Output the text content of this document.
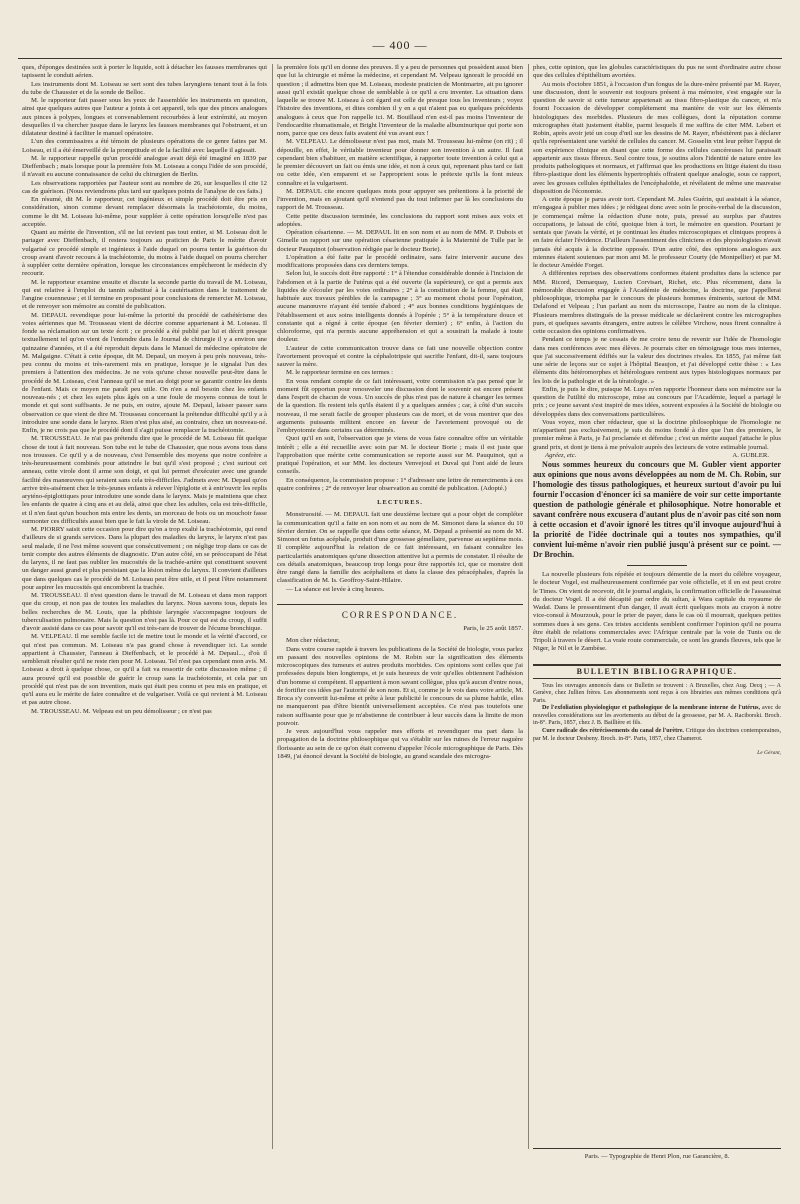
— 400 —

ques, d'éponges destinées soit à porter le liquide, soit à détacher les fausses membranes qui tapissent le conduit aérien.

Les instruments dont M. Loiseau se sert sont des tubes laryngiens tenant tout à la fois du tube de Chaussier et de la sonde de Belloc.

M. le rapporteur fait passer sous les yeux de l'assemblée les instruments en question, ainsi que quelques autres que l'auteur a joints à cet appareil, tels que des pinces analogues aux pinces à polypes, longues et convenablement recourbées à leur extrémité, au moyen desquelles il va chercher jusque dans le larynx les fausses membranes qui l'obstruent, et un dilatateur destiné à faciliter le manuel opératoire.

L'un des commissaires a été témoin de plusieurs opérations de ce genre faites par M. Loiseau, et il a été émerveillé de la promptitude et de la facilité avec laquelle il agissait.

M. le rapporteur rappelle qu'un procédé analogue avait déjà été imaginé en 1839 par Dieffenbach ; mais lorsque pour la première fois M. Loiseau a conçu l'idée de son procédé, il n'avait eu aucune connaissance de celui du chirurgien de Berlin.

Les observations rapportées par l'auteur sont au nombre de 26, sur lesquelles il cite 12 cas de guérison. (Nous reviendrons plus tard sur quelques points de l'analyse de ces faits.)

En résumé, dit M. le rapporteur, cet ingénieux et simple procédé doit être pris en considération, sinon comme devant remplacer désormais la trachéotomie, du moins, comme le dit M. Loiseau lui-même, pour suppléer à cette opération lorsqu'elle n'est pas acceptée.

Quant au mérite de l'invention, s'il ne lui revient pas tout entier, si M. Loiseau doit le partager avec Dieffenbach, il restera toujours au praticien de Paris le mérite d'avoir vulgarisé ce procédé simple et ingénieux à l'aide duquel on pourra tenter la guérison du croup avant d'avoir recours à la trachéotomie, du moins à l'aide duquel on pourra chercher à suppléer cette dernière opération, lorsque les circonstances empêcheront le médecin d'y recourir.

M. le rapporteur examine ensuite et discute la seconde partie du travail de M. Loiseau, qui est relative à l'emploi du tannin substitué à la cautérisation dans le traitement de l'angine couenneuse ; et il termine en proposant pour conclusions de remercier M. Loiseau, et de renvoyer son mémoire au comité de publication.

M. DEPAUL revendique pour lui-même la priorité du procédé de cathétérisme des voies aériennes que M. Trousseau vient de décrire comme appartenant à M. Loiseau. Il fonde sa réclamation sur un texte écrit ; ce procédé a été publié par lui et décrit presque textuellement tel qu'on vient de l'entendre dans le Journal de chirurgie il y a environ une quinzaine d'années, et il a été reproduit depuis dans le Manuel de médecine opératoire de M. Malgaigne. C'était à cette époque, dit M. Depaul, un moyen à peu près nouveau, très-peu connu du moins et très-rarement mis en pratique, lorsque je le signalai l'un des premiers à l'attention des médecins. Je ne vois qu'une chose nouvelle peut-être dans le procédé de M. Loiseau, c'est l'anneau qu'il se met au doigt pour se garantir contre les dents de l'enfant. Mais ce moyen me paraît peu utile. On n'en a nul besoin chez les enfants nouveau-nés ; et chez les sujets plus âgés on a une foule de moyens connus de tout le monde et qui sont suffisants. Je ne puis, en outre, ajoute M. Depaul, laisser passer sans observation ce que vient de dire M. Trousseau concernant la prétendue difficulté qu'il y a à introduire une sonde dans le larynx. Rien n'est plus aisé, au contraire, chez un nouveau-né. Enfin, je ne crois pas que le procédé dont il s'agit puisse remplacer la trachéotomie.

M. TROUSSEAU. Je n'ai pas prétendu dire que le procédé de M. Loiseau fût quelque chose de tout à fait nouveau. Son tube est le tube de Chaussier, que nous avons tous dans nos trousses. Ce qu'il y a de nouveau, c'est l'ensemble des moyens que notre confrère a très-heureusement combinés pour atteindre le but qu'il s'est proposé ; c'est surtout cet anneau, cette virole dont il arme son doigt, et qui lui permet d'exécuter avec une grande facilité des manœuvres qui seraient sans cela très-difficiles. J'admets avec M. Depaul qu'on arrive très-aisément chez le très-jeunes enfants à relever l'épiglotte et à entr'ouvrir les replis aryténo-épiglottiques pour introduire une sonde dans le larynx. Mais je maintiens que chez les enfants de quatre à cinq ans et au delà, ainsi que chez les adultes, cela est très-difficile, et il n'en faut qu'un bouchon mis entre les dents, un morceau de bois ou un mouchoir fasse surmonter ces difficultés aussi bien que le fait la virole de M. Loiseau.

M. PIORRY saisit cette occasion pour dire qu'on a trop exalté la trachéotomie, qui rend d'ailleurs de si grands services. Dans la plupart des maladies du larynx, le larynx n'est pas seul malade, il ne l'est même souvent que consécutivement ; on néglige trop dans ce cas de tenir compte des autres éléments de diagnostic. D'un autre côté, en se préoccupant de l'état du larynx, il ne faut pas oublier les mucosités de la trachée-artère qui constituent souvent un danger aussi grand et plus persistant que la lésion même du larynx. Il convient d'ailleurs que dans quelques cas le procédé de M. Loiseau peut être utile, et il peut l'être notamment pour aspirer les mucosités qui encombrent la trachée.

M. TROUSSEAU. Il n'est question dans le travail de M. Loiseau et dans mon rapport que du croup, et non pas de toutes les maladies du larynx. Nous savons tous, depuis les belles recherches de M. Louis, que la phthisie laryngée s'accompagne toujours de tuberculisation pulmonaire. Mais la question n'est pas là. Pour ce qui est du croup, il suffit d'avoir assisté dans ce cas pour savoir qu'il est très-rare de trouver de l'écume bronchique.

M. VELPEAU. Il me semble facile ici de mettre tout le monde et la vérité d'accord, ce qui n'est pas commun. M. Loiseau n'a pas grand chose à revendiquer ici. La sonde appartient à Chaussier, l'anneau à Dieffenbach, et le procédé à M. Depaul..., d'où il semblerait résulter qu'il ne reste rien pour M. Loiseau. Tel n'est pas cependant mon avis. M. Loiseau a droit à quelque chose, ce qu'il a fait va ressortir de cette discussion même ; il aura prouvé qu'il est possible de guérir le croup sans la trachéotomie, et cela par un procédé qui n'est pas de son invention, mais qui était peu connu et peu mis en pratique, et qu'il aura eu le mérite de faire connaître et de vulgariser. Voilà ce qui revient à M. Loiseau et pas autre chose.

M. TROUSSEAU. M. Velpeau est un peu démolisseur ; ce n'est pas

la première fois qu'il en donne des preuves. Il y a peu de personnes qui possèdent aussi bien que lui la chirurgie et même la médecine, et cependant M. Velpeau ignorait le procédé en question ; il admettra bien que M. Loiseau, modeste praticien de Montmartre, ait pu ignorer aussi qu'il existât quelque chose de semblable à ce qu'il a cru inventer. La situation dans laquelle se trouve M. Loiseau à cet égard est celle de presque tous les inventeurs ; voyez l'histoire des inventions, et dites combien il y en a qui n'aient pas eu quelques précédents analogues à ceux que l'on rappelle ici. M. Bouillaud n'en est-il pas moins l'inventeur de l'endocardite rhumatismale, et Bright l'inventeur de la maladie albuminurique qui porte son nom, parce que ces deux faits avaient été vus avant eux !

M. VELPEAU. Le démolisseur n'est pas moi, mais M. Trousseau lui-même (on rit) ; il dépouille, en effet, le véritable inventeur pour donner son invention à un autre. Il faut cependant bien s'habituer, en matière scientifique, à rapporter toute invention à celui qui a le premier découvert un fait ou émis une idée, et non à ceux qui, reprenant plus tard ce fait ou cette idée, s'en emparent et se l'approprient sous le prétexte qu'ils la font mieux connaître et la vulgarisent.

M. DEPAUL cite encore quelques mots pour appuyer ses prétentions à la priorité de l'invention, mais en ajoutant qu'il n'entend pas du tout infirmer par là les conclusions du rapport de M. Trousseau.

Cette petite discussion terminée, les conclusions du rapport sont mises aux voix et adoptées.

Opération césarienne. — M. DEPAUL lit en son nom et au nom de MM. P. Dubois et Gimelle un rapport sur une opération césarienne pratiquée à la Maternité de Tulle par le docteur Pauquinot (observation rédigée par le docteur Borie).

L'opération a été faite par le procédé ordinaire, sans faire intervenir aucune des modifications proposées dans ces derniers temps.

Selon lui, le succès doit être rapporté : 1° à l'étendue considérable donnée à l'incision de l'abdomen et à la partie de l'utérus qui a été ouverte (la supérieure), ce qui a permis aux liquides de s'écouler par les voies ordinaires ; 2° à la constitution de la femme, qui était habituée aux travaux pénibles de la campagne ; 3° au moment choisi pour l'opération, aucune manœuvre n'ayant été tentée d'abord ; 4° aux bonnes conditions hygiéniques de l'établissement et aux soins intelligents donnés à l'opérée ; 5° à la température douce et constante qui a régné à cette époque (en février dernier) ; 6° enfin, à l'action du chloroforme, qui n'a permis aucune appréhension et qui a soustrait la malade à toute douleur.

L'auteur de cette communication trouve dans ce fait une nouvelle objection contre l'avortement provoqué et contre la céphalotripsie qui sacrifie l'enfant, dit-il, sans toujours sauver la mère.

M. le rapporteur termine en ces termes :

En vous rendant compte de ce fait intéressant, votre commission n'a pas pensé que le moment fût opportun pour renouveler une discussion dont le souvenir est encore présent dans l'esprit de chacun de vous. Un succès de plus n'est pas de nature à changer les termes de la question. Ils restent tels qu'ils étaient il y a quelques années ; car, à côté d'un succès nouveau, il me serait facile de grouper plusieurs cas de mort, et de vous montrer que des arguments puissants militent encore en faveur de l'avortement provoqué ou de l'embryotomie dans certains cas déterminés.

Quoi qu'il en soit, l'observation que je viens de vous faire connaître offre un véritable intérêt ; elle a été recueillie avec soin par M. le docteur Borie ; mais il est juste que l'approbation que mérite cette communication se reporte aussi sur M. Pauquinot, qui a pratiqué l'opération, et sur MM. les docteurs Venvejoul et Duval qui l'ont aidé de leurs conseils.

En conséquence, la commission propose : 1° d'adresser une lettre de remerciments à ces quatre confrères ; 2° de renvoyer leur observation au comité de publication. (Adopté.)

LECTURES.

Monstruosité. — M. DEPAUL fait une deuxième lecture qui a pour objet de compléter la communication qu'il a faite en son nom et au nom de M. Simonot dans la séance du 10 février dernier. On se rappelle que dans cette séance, M. Depaul a présenté au nom de M. Simonot un fœtus acéphale, produit d'une grossesse gémellaire, parvenue au septième mois. Il complète aujourd'hui la relation de ce fait intéressant, en faisant connaître les particularités anatomiques qu'une dissection attentive lui a permis de constater. Il résulte de ces détails anatomiques, beaucoup trop longs pour être rapportés ici, que ce monstre doit être rangé dans la famille des acéphaliens et dans la classe des péracéphales, d'après la classification de M. Is. Geoffroy-Saint-Hilaire.

— La séance est levée à cinq heures.

CORRESPONDANCE.
Paris, le 25 août 1857.

Mon cher rédacteur,

Dans votre course rapide à travers les publications de la Société de biologie, vous parlez en passant des nouvelles opinions de M. Robin sur la signification des éléments microscopiques des tumeurs et autres produits morbides. Ces opinions sont celles que j'ai professées depuis bien longtemps, et je suis heureux de voir qu'elles obtiennent l'adhésion d'un homme si compétent. Il appartient à mon savant collègue, plus qu'à aucun d'entre nous, de fortifier ces idées par l'autorité de son nom. Et si, comme je le vois dans votre article, M. Broca s'y convertit lui-même et prête à leur publicité le concours de sa plume habile, elles ne manqueront pas d'être bientôt universellement acceptées. Ce n'est pas toutefois une raison suffisante pour que je m'abstienne de contribuer à leur succès dans la limite de mon pouvoir.

Je veux aujourd'hui vous rappeler mes efforts et revendiquer ma part dans la propagation de la doctrine philosophique qui va s'établir sur les ruines de l'erreur naguère florissante au sein de ce qu'on était convenu d'appeler l'école micrographique de Paris. Dès 1849, j'ai énoncé devant la Société de biologie, au grand scandale des microgra-

phes, cette opinion, que les globules caractéristiques du pus ne sont d'ordinaire autre chose que des cellules d'épithélium avortées.

Au mois d'octobre 1851, à l'occasion d'un fongus de la dure-mère présenté par M. Rayer, une discussion, dont le souvenir est toujours présent à ma mémoire, s'est engagée sur la question de savoir si cette tumeur appartenait au tissu fibro-plastique du cancer, et m'a fourni l'occasion de développer complétement ma manière de voir sur les éléments histologiques des morbides. Plusieurs de mes collègues, dont la réputation comme micrographes était justement établie, parmi lesquels il me suffira de citer MM. Lebert et Robin, après avoir jeté un coup d'œil sur les dessins de M. Rayer, n'hésitèrent pas à déclarer qu'ils représentaient une variété de cellules du cancer. M. Gosselin vint leur prêter l'appui de son expérience clinique en disant que cette forme des cellules cancéreuses lui paraissait appartenir aux tissus fibreux. Seul contre tous, je soutins alors l'identité de nature entre les produits pathologiques et normaux, et j'affirmai que les productions en litige étaient du tissu fibro-plastique dont les éléments hypertrophiés offraient quelque analogie, sous ce rapport, avec les grosses cellules épithéliales de l'encéphaloïde, et révélaient de même une mauvaise disposition de l'économie.

A cette époque je parus avoir tort. Cependant M. Jules Guérin, qui assistait à la séance, m'engagea à publier mes idées ; je rédigeai donc avec soin le procès-verbal de la discussion, je commençai même la rédaction d'une note, puis, pressé au surplus par d'autres occupations, je laissai de côté, quoique bien à tort, le mémoire en question. Pourtant je sentais que j'avais la vérité, et je continuai les études microscopiques et cliniques propres à en faire éclater l'évidence. D'ailleurs l'assentiment des cliniciens et des physiologistes n'avait jamais été acquis à la doctrine opposée. D'un autre côté, des opinions analogues aux miennes étaient soutenues par mon ami M. le professeur Courty (de Montpellier) et par M. le docteur Amédée Forget.

A différentes reprises des observations conformes étaient produites dans la science par MM. Ricord, Demarquay, Lucien Corvisart, Richet, etc. Plus récemment, dans la mémorable discussion engagée à l'Académie de médecine, la doctrine, que j'appellerai philosophique, triompha par le concours de plusieurs hommes éminents, surtout de MM. Delafond et Velpeau ; l'un parlant au nom du microscope, l'autre au nom de la clinique. Plusieurs membres distingués de la presse médicale se déclarèrent contre les micrographes purs, et quelques savants étrangers, entre autres le célèbre Virchow, nous firent connaître à cette occasion des opinions confirmatives.

Pendant ce temps je ne cessais de me croire tenu de revenir sur l'idée de l'homologie dans mes conférences avec mes élèves. Je pourrais citer en témoignage tous mes internes, que j'ai successivement édifiés sur la valeur des doctrines rivales. En 1855, j'ai même fait une série de leçons sur ce sujet à l'hôpital Beaujon, et j'ai développé cette thèse : « Les éléments dits hétéromorphes et hétérologues rentrent aux types histologiques normaux par les lois de la pathologie et de la tératologie. »

Enfin, je puis le dire, puisque M. Luys m'en rapporte l'honneur dans son mémoire sur la question de l'utilité du microscope, mise au concours par l'Académie, lequel a partagé le prix ; ce jeune savant s'est inspiré de mes idées, souvent exposées à la Société de biologie ou développées dans des conversations particulières.

Vous voyez, mon cher rédacteur, que si la doctrine philosophique de l'homologie ne m'appartient pas exclusivement, je suis du moins fondé à dire que l'un des premiers, le premier même à Paris, je l'ai proclamée et défendue ; c'est un mérite auquel j'attache le plus grand prix, et dont je tiens à me prévaloir auprès des lecteurs de votre estimable journal.

Agréez, etc.	A. GUBLER.

Nous sommes heureux du concours que M. Gubler vient apporter aux opinions que nous avons développées au nom de M. Ch. Robin, sur l'homologie des tissus pathologiques, et heureux surtout d'avoir pu lui fournir l'occasion d'énoncer ici sa manière de voir sur cette importante question de pathologie générale et philosophique. Notre honorable et savant confrère nous excusera d'autant plus de n'avoir pas cité son nom à cette occasion et d'avoir ignoré les titres qu'il invoque aujourd'hui à la priorité de l'idée doctrinale qui a toutes nos sympathies, qu'il convient lui-même n'avoir rien publié jusqu'à présent sur ce point. — Dr Brochin.

La nouvelle plusieurs fois répétée et toujours démentie de la mort du célèbre voyageur, le docteur Vogel, est malheureusement confirmée par voie officielle, et il en est peut croire le Times. On vient de recevoir, dit le journal anglais, la confirmation officielle de l'assassinat du docteur Vogel. Il a été décapité par ordre du sultan, à Wara capitale du royaume de Wadaï. Dans le pressentiment d'un danger, il avait écrit quelques mots au crayon à notre vice-consul à Mourzouk, pour le prier de payer, dans le cas où il mourrait, quelques petites sommes dues à ses gens. Ces tristes accidents semblent confirmer l'opinion qu'il ne pourra être établi de relations commerciales avec l'Afrique centrale par la voie de Tunis ou de Tripoli à travers le désert. La vraie route commerciale, ce sont les grands fleuves, tels que le Niger, le Nil et le Zambèse.

BULLETIN BIBLIOGRAPHIQUE.

Tous les ouvrages annoncés dans ce Bulletin se trouvent : A Bruxelles, chez Aug. Decq ; — A Genève, chez Jullien frères. Les abonnements sont reçus à ces librairies aux mêmes conditions qu'à Paris.

De l'exfoliation physiologique et pathologique de la membrane interne de l'utérus, avec de nouvelles considérations sur les avortements au début de la grossesse, par M. A. Raciborski. Broch. in-8°. Paris, 1857, chez J. B. Baillière et fils.

Cure radicale des rétrécissements du canal de l'urètre. Critique des doctrines contemporaines, par M. le docteur Desbeny. Broch. in-8°. Paris, 1857, chez Chamerot.

Le Gérant,
Paris. — Typographie de Henri Plon, rue Garancière, 8.
